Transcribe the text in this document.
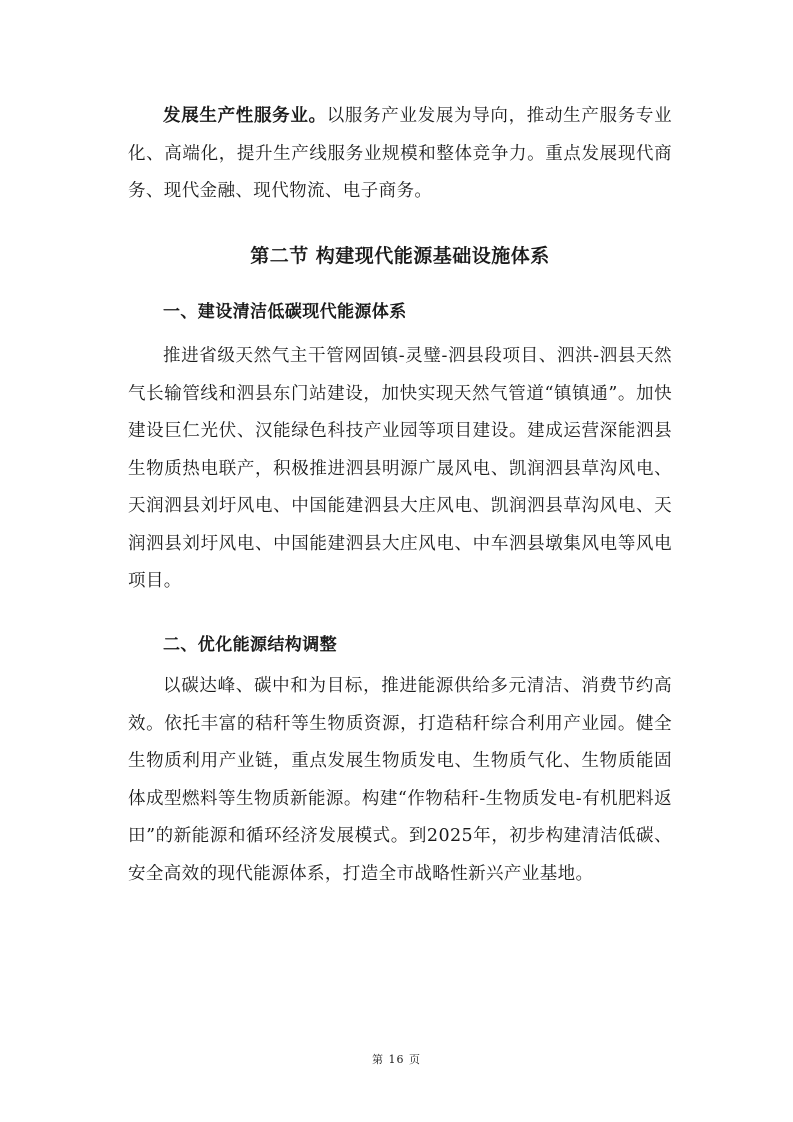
发展生产性服务业。以服务产业发展为导向，推动生产服务专业化、高端化，提升生产线服务业规模和整体竞争力。重点发展现代商务、现代金融、现代物流、电子商务。

第二节 构建现代能源基础设施体系
一、建设清洁低碳现代能源体系

推进省级天然气主干管网固镇-灵璧-泗县段项目、泗洪-泗县天然气长输管线和泗县东门站建设，加快实现天然气管道“镇镇通”。加快建设巨仁光伏、汉能绿色科技产业园等项目建设。建成运营深能泗县生物质热电联产，积极推进泗县明源广晟风电、凯润泗县草沟风电、天润泗县刘圩风电、中国能建泗县大庄风电、凯润泗县草沟风电、天润泗县刘圩风电、中国能建泗县大庄风电、中车泗县墩集风电等风电项目。

二、优化能源结构调整

以碳达峰、碳中和为目标，推进能源供给多元清洁、消费节约高效。依托丰富的秸秆等生物质资源，打造秸秆综合利用产业园。健全生物质利用产业链，重点发展生物质发电、生物质气化、生物质能固体成型燃料等生物质新能源。构建“作物秸秆-生物质发电-有机肥料返田”的新能源和循环经济发展模式。到2025年，初步构建清洁低碳、安全高效的现代能源体系，打造全市战略性新兴产业基地。

第 16 页
